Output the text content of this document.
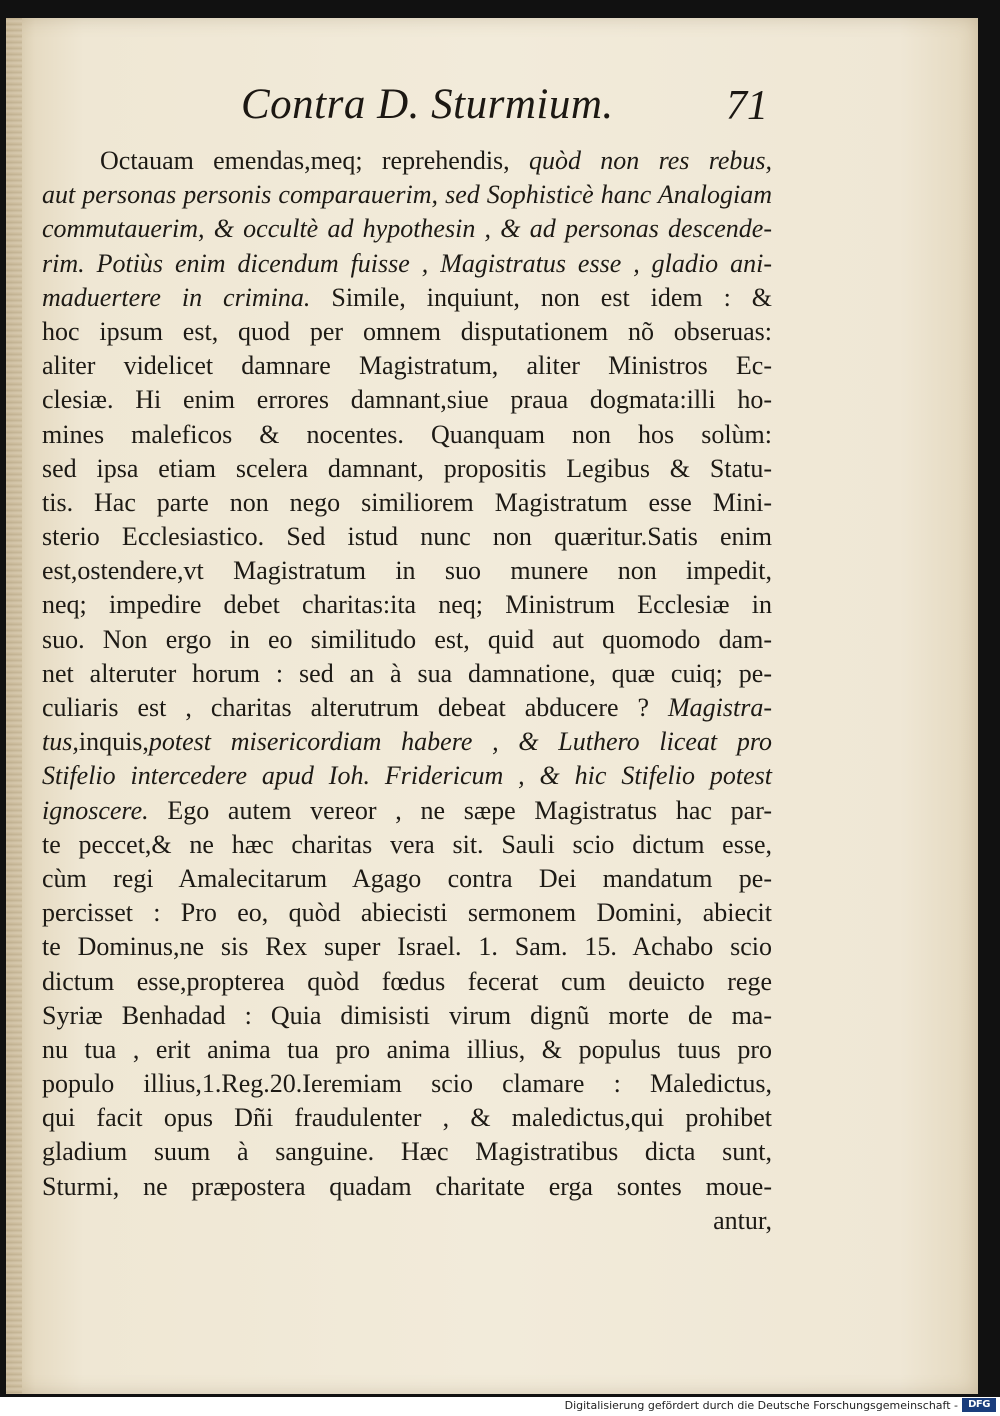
Contra D. Sturmium.	71
Octauam emendas,meq; reprehendis, quòd non res rebus,
aut personas personis comparauerim, sed Sophisticè hanc Analogiam
commutauerim, & occultè ad hypothesin , & ad personas descende-
rim. Potiùs enim dicendum fuisse , Magistratus esse , gladio ani-
maduertere in crimina. Simile, inquiunt, non est idem : &
hoc ipsum est, quod per omnem disputationem nõ obseruas:
aliter videlicet damnare Magistratum, aliter Ministros Ec-
clesiæ. Hi enim errores damnant,siue praua dogmata:illi ho-
mines maleficos & nocentes. Quanquam non hos solùm:
sed ipsa etiam scelera damnant, propositis Legibus & Statu-
tis. Hac parte non nego similiorem Magistratum esse Mini-
sterio Ecclesiastico. Sed istud nunc non quæritur.Satis enim
est,ostendere,vt Magistratum in suo munere non impedit,
neq; impedire debet charitas:ita neq; Ministrum Ecclesiæ in
suo. Non ergo in eo similitudo est, quid aut quomodo dam-
net alteruter horum : sed an à sua damnatione, quæ cuiq; pe-
culiaris est , charitas alterutrum debeat abducere ? Magistra-
tus,inquis,potest misericordiam habere , & Luthero liceat pro
Stifelio intercedere apud Ioh. Fridericum , & hic Stifelio potest
ignoscere. Ego autem vereor , ne sæpe Magistratus hac par-
te peccet,& ne hæc charitas vera sit. Sauli scio dictum esse,
cùm regi Amalecitarum Agago contra Dei mandatum pe-
percisset : Pro eo, quòd abiecisti sermonem Domini, abiecit
te Dominus,ne sis Rex super Israel. 1. Sam. 15. Achabo scio
dictum esse,propterea quòd fœdus fecerat cum deuicto rege
Syriæ Benhadad : Quia dimisisti virum dignũ morte de ma-
nu tua , erit anima tua pro anima illius, & populus tuus pro
populo illius,1.Reg.20.Ieremiam scio clamare : Maledictus,
qui facit opus Dñi fraudulenter , & maledictus,qui prohibet
gladium suum à sanguine. Hæc Magistratibus dicta sunt,
Sturmi, ne præpostera quadam charitate erga sontes moue-
antur,
Digitalisierung gefördert durch die Deutsche Forschungsgemeinschaft -	DFG
